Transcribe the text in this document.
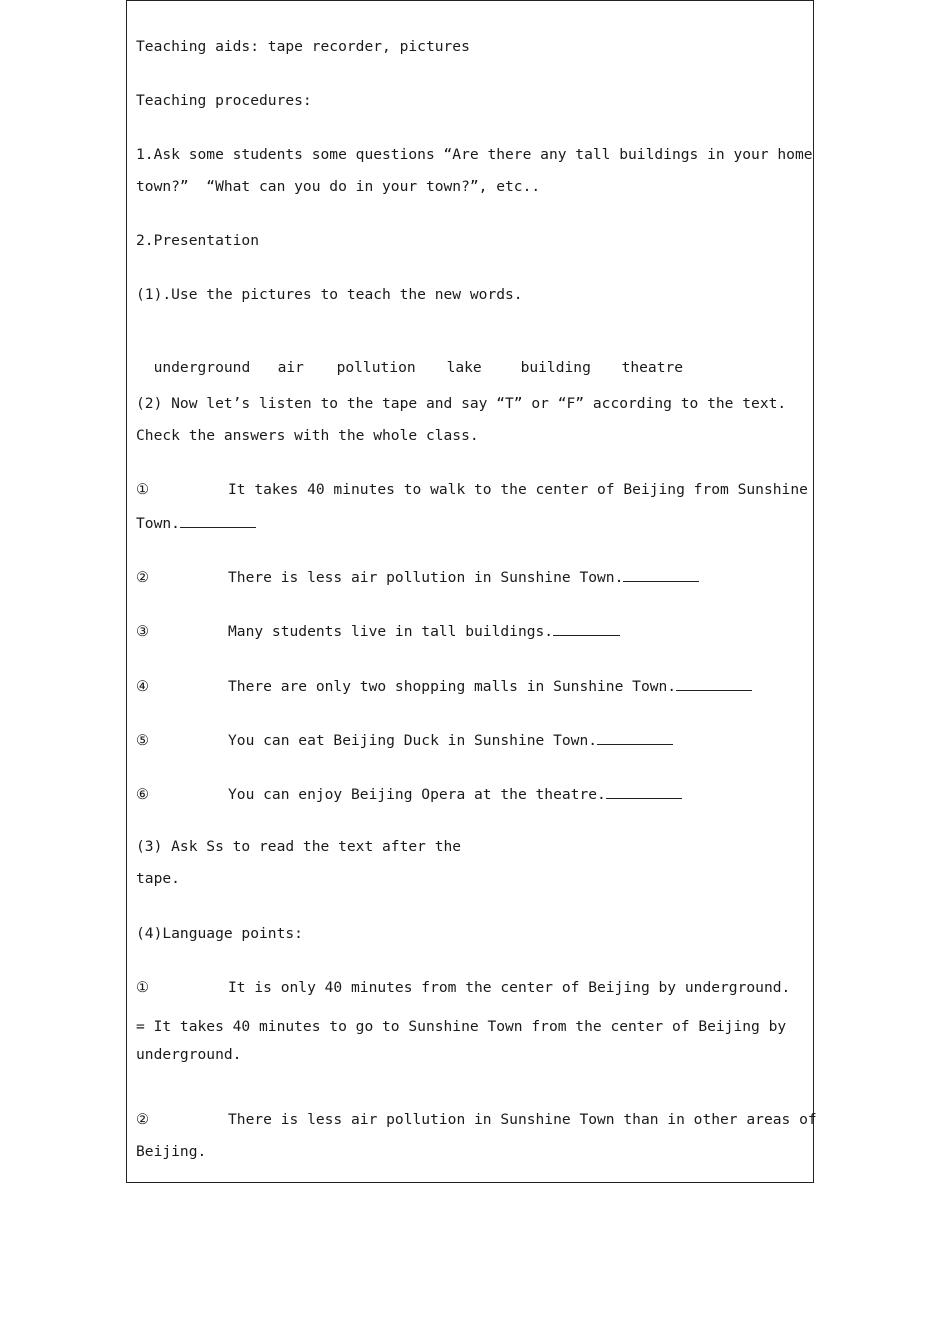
Teaching aids: tape recorder, pictures
Teaching procedures:
1.Ask some students some questions “Are there any tall buildings in your home
town?”  “What can you do in your town?”, etc..
2.Presentation
(1).Use the pictures to teach the new words.

underground air pollution lake	building theatre

(2) Now let’s listen to the tape and say “T” or “F” according to the text.
Check the answers with the whole class.
①	It takes 40 minutes to walk to the center of Beijing from Sunshine
Town.
②	There is less air pollution in Sunshine Town.
③	Many students live in tall buildings.
④	There are only two shopping malls in Sunshine Town.
⑤	You can eat Beijing Duck in Sunshine Town.
⑥	You can enjoy Beijing Opera at the theatre.
(3) Ask Ss to read the text after the
tape.
(4)Language points:
①	It is only 40 minutes from the center of Beijing by underground.
= It takes 40 minutes to go to Sunshine Town from the center of Beijing by
underground.
②	There is less air pollution in Sunshine Town than in other areas of
Beijing.
